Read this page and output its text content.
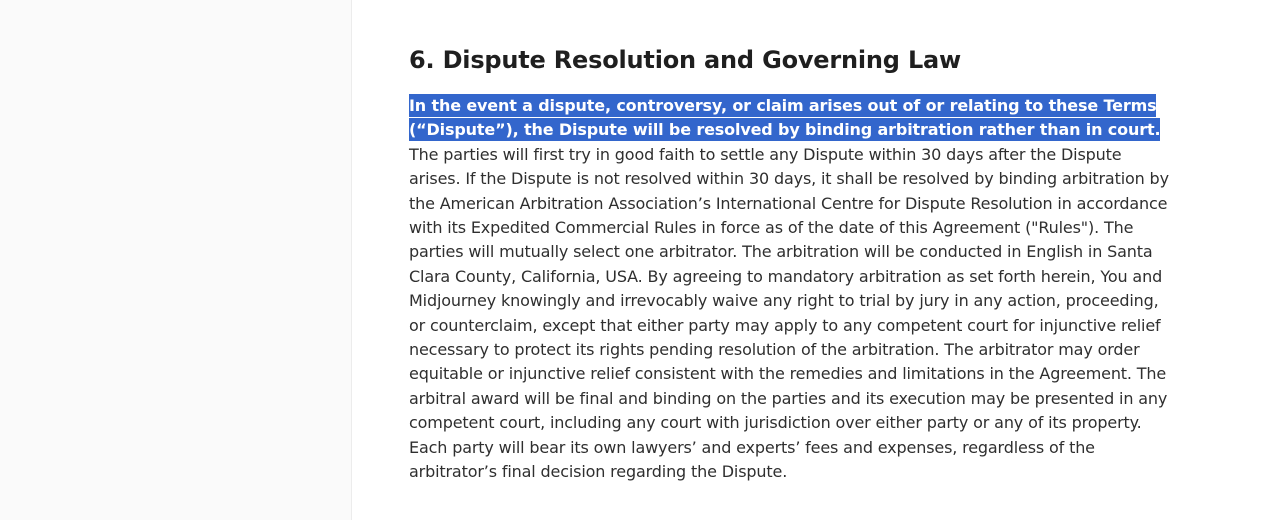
6. Dispute Resolution and Governing Law

In the event a dispute, controversy, or claim arises out of or relating to these Terms (“Dispute”), the Dispute will be resolved by binding arbitration rather than in court. The parties will first try in good faith to settle any Dispute within 30 days after the Dispute arises. If the Dispute is not resolved within 30 days, it shall be resolved by binding arbitration by the American Arbitration Association’s International Centre for Dispute Resolution in accordance with its Expedited Commercial Rules in force as of the date of this Agreement ("Rules"). The parties will mutually select one arbitrator. The arbitration will be conducted in English in Santa Clara County, California, USA. By agreeing to mandatory arbitration as set forth herein, You and Midjourney knowingly and irrevocably waive any right to trial by jury in any action, proceeding, or counterclaim, except that either party may apply to any competent court for injunctive relief necessary to protect its rights pending resolution of the arbitration. The arbitrator may order equitable or injunctive relief consistent with the remedies and limitations in the Agreement. The arbitral award will be final and binding on the parties and its execution may be presented in any competent court, including any court with jurisdiction over either party or any of its property.
Each party will bear its own lawyers’ and experts’ fees and expenses, regardless of the arbitrator’s final decision regarding the Dispute.
